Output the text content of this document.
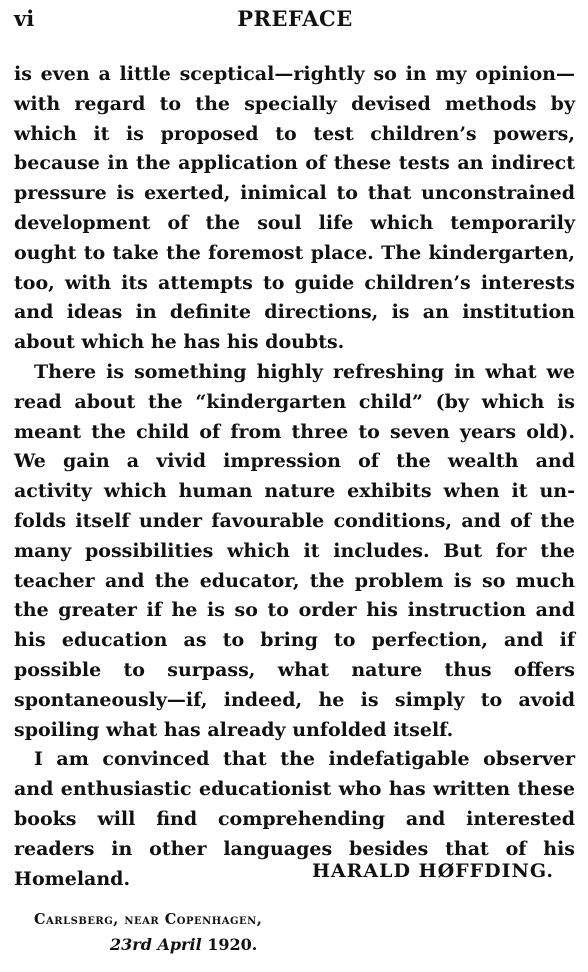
vi	PREFACE

is even a little sceptical—rightly so in my opinion—with regard to the specially devised methods by which it is proposed to test children’s powers, because in the application of these tests an indirect pressure is exerted, inimical to that unconstrained development of the soul life which temporarily ought to take the foremost place. The kindergarten, too, with its attempts to guide children’s interests and ideas in definite directions, is an institution about which he has his doubts.

There is something highly refreshing in what we read about the “kindergarten child” (by which is meant the child of from three to seven years old). We gain a vivid impression of the wealth and activity which human nature exhibits when it unfolds itself under favourable conditions, and of the many possibilities which it includes. But for the teacher and the educator, the problem is so much the greater if he is so to order his instruction and his education as to bring to perfection, and if possible to surpass, what nature thus offers spontaneously—if, indeed, he is simply to avoid spoiling what has already unfolded itself.

I am convinced that the indefatigable observer and enthusiastic educationist who has written these books will find comprehending and interested readers in other languages besides that of his Homeland.	HARALD HØFFDING.
Carlsberg, near Copenhagen,
23rd April 1920.
